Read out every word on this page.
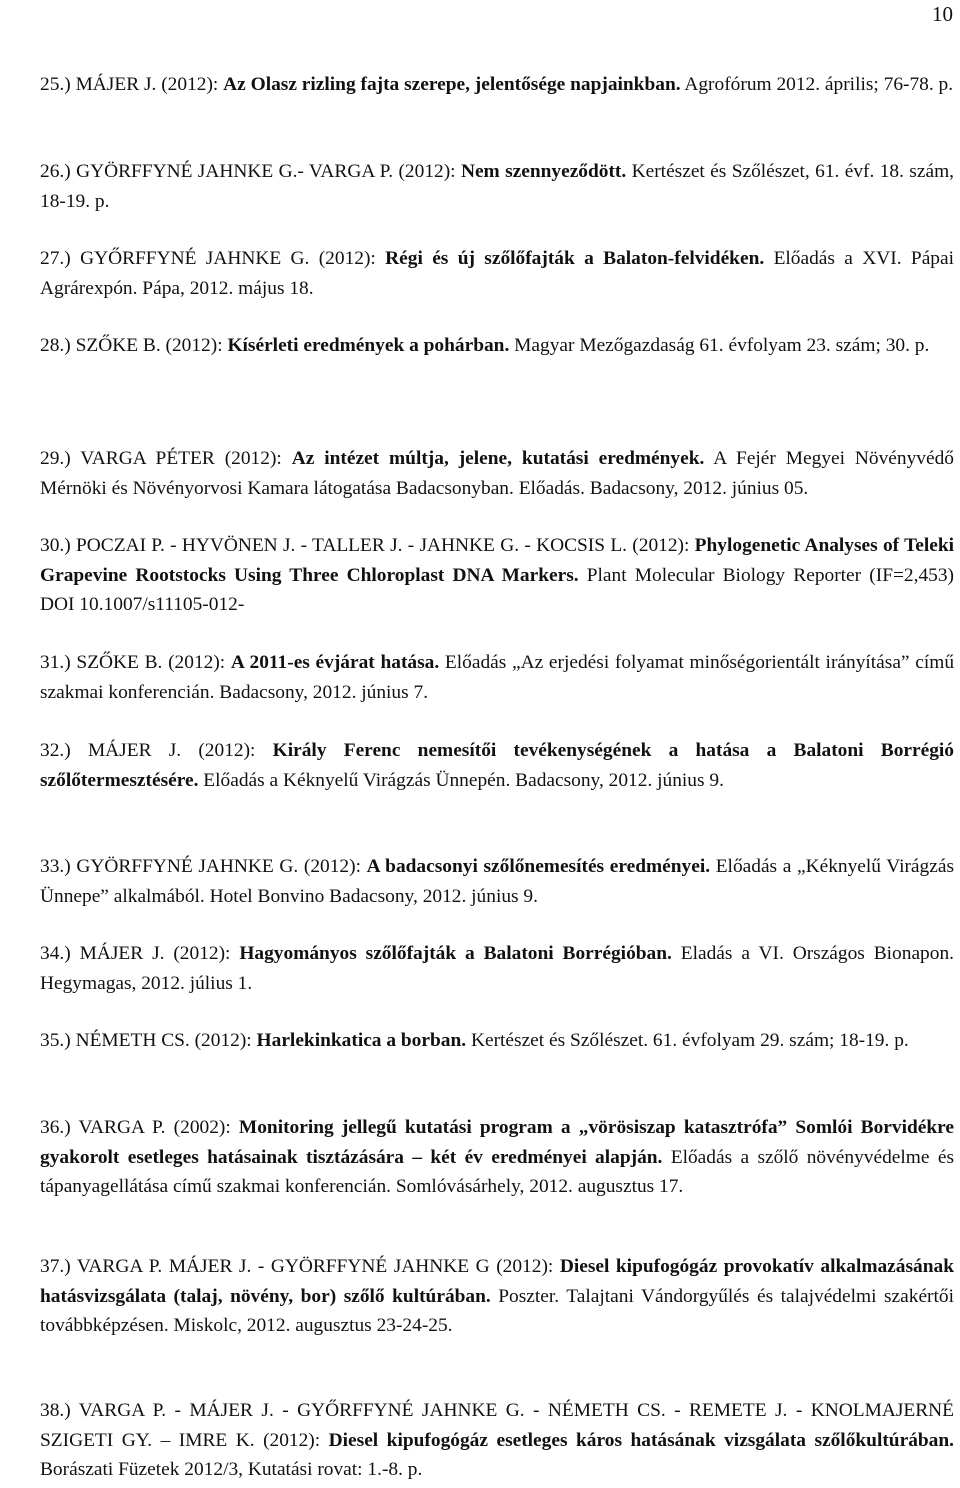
10

25.) MÁJER J. (2012): Az Olasz rizling fajta szerepe, jelentősége napjainkban. Agrofórum 2012. április; 76-78. p.

26.) GYÖRFFYNÉ JAHNKE G.- VARGA P. (2012): Nem szennyeződött. Kertészet és Szőlészet, 61. évf. 18. szám, 18-19. p.

27.) GYŐRFFYNÉ JAHNKE G. (2012): Régi és új szőlőfajták a Balaton-felvidéken. Előadás a XVI. Pápai Agrárexpón. Pápa, 2012. május 18.

28.) SZŐKE B. (2012): Kísérleti eredmények a pohárban. Magyar Mezőgazdaság 61. évfolyam 23. szám; 30. p.

29.) VARGA PÉTER (2012): Az intézet múltja, jelene, kutatási eredmények. A Fejér Megyei Növényvédő Mérnöki és Növényorvosi Kamara látogatása Badacsonyban. Előadás. Badacsony, 2012. június 05.

30.) POCZAI P. - HYVÖNEN J. - TALLER J. - JAHNKE G. - KOCSIS L. (2012): Phylogenetic Analyses of Teleki Grapevine Rootstocks Using Three Chloroplast DNA Markers. Plant Molecular Biology Reporter (IF=2,453) DOI 10.1007/s11105-012-

31.) SZŐKE B. (2012): A 2011-es évjárat hatása. Előadás „Az erjedési folyamat minőségorientált irányítása” című szakmai konferencián. Badacsony, 2012. június 7.

32.) MÁJER J. (2012): Király Ferenc nemesítői tevékenységének a hatása a Balatoni Borrégió szőlőtermesztésére. Előadás a Kéknyelű Virágzás Ünnepén. Badacsony, 2012. június 9.

33.) GYÖRFFYNÉ JAHNKE G. (2012): A badacsonyi szőlőnemesítés eredményei. Előadás a „Kéknyelű Virágzás Ünnepe” alkalmából. Hotel Bonvino Badacsony, 2012. június 9.

34.) MÁJER J. (2012): Hagyományos szőlőfajták a Balatoni Borrégióban. Eladás a VI. Országos Bionapon. Hegymagas, 2012. július 1.

35.) NÉMETH CS. (2012): Harlekinkatica a borban. Kertészet és Szőlészet. 61. évfolyam 29. szám; 18-19. p.

36.) VARGA P. (2002): Monitoring jellegű kutatási program a „vörösiszap katasztrófa” Somlói Borvidékre gyakorolt esetleges hatásainak tisztázására – két év eredményei alapján. Előadás a szőlő növényvédelme és tápanyagellátása című szakmai konferencián. Somlóvásárhely, 2012. augusztus 17.

37.) VARGA P. MÁJER J. - GYÖRFFYNÉ JAHNKE G (2012): Diesel kipufogógáz provokatív alkalmazásának hatásvizsgálata (talaj, növény, bor) szőlő kultúrában. Poszter. Talajtani Vándorgyűlés és talajvédelmi szakértői továbbképzésen. Miskolc, 2012. augusztus 23-24-25.

38.) VARGA P. - MÁJER J. - GYŐRFFYNÉ JAHNKE G. - NÉMETH CS. - REMETE J. - KNOLMAJERNÉ SZIGETI GY. – IMRE K. (2012): Diesel kipufogógáz esetleges káros hatásának vizsgálata szőlőkultúrában. Borászati Füzetek 2012/3, Kutatási rovat: 1.-8. p.
